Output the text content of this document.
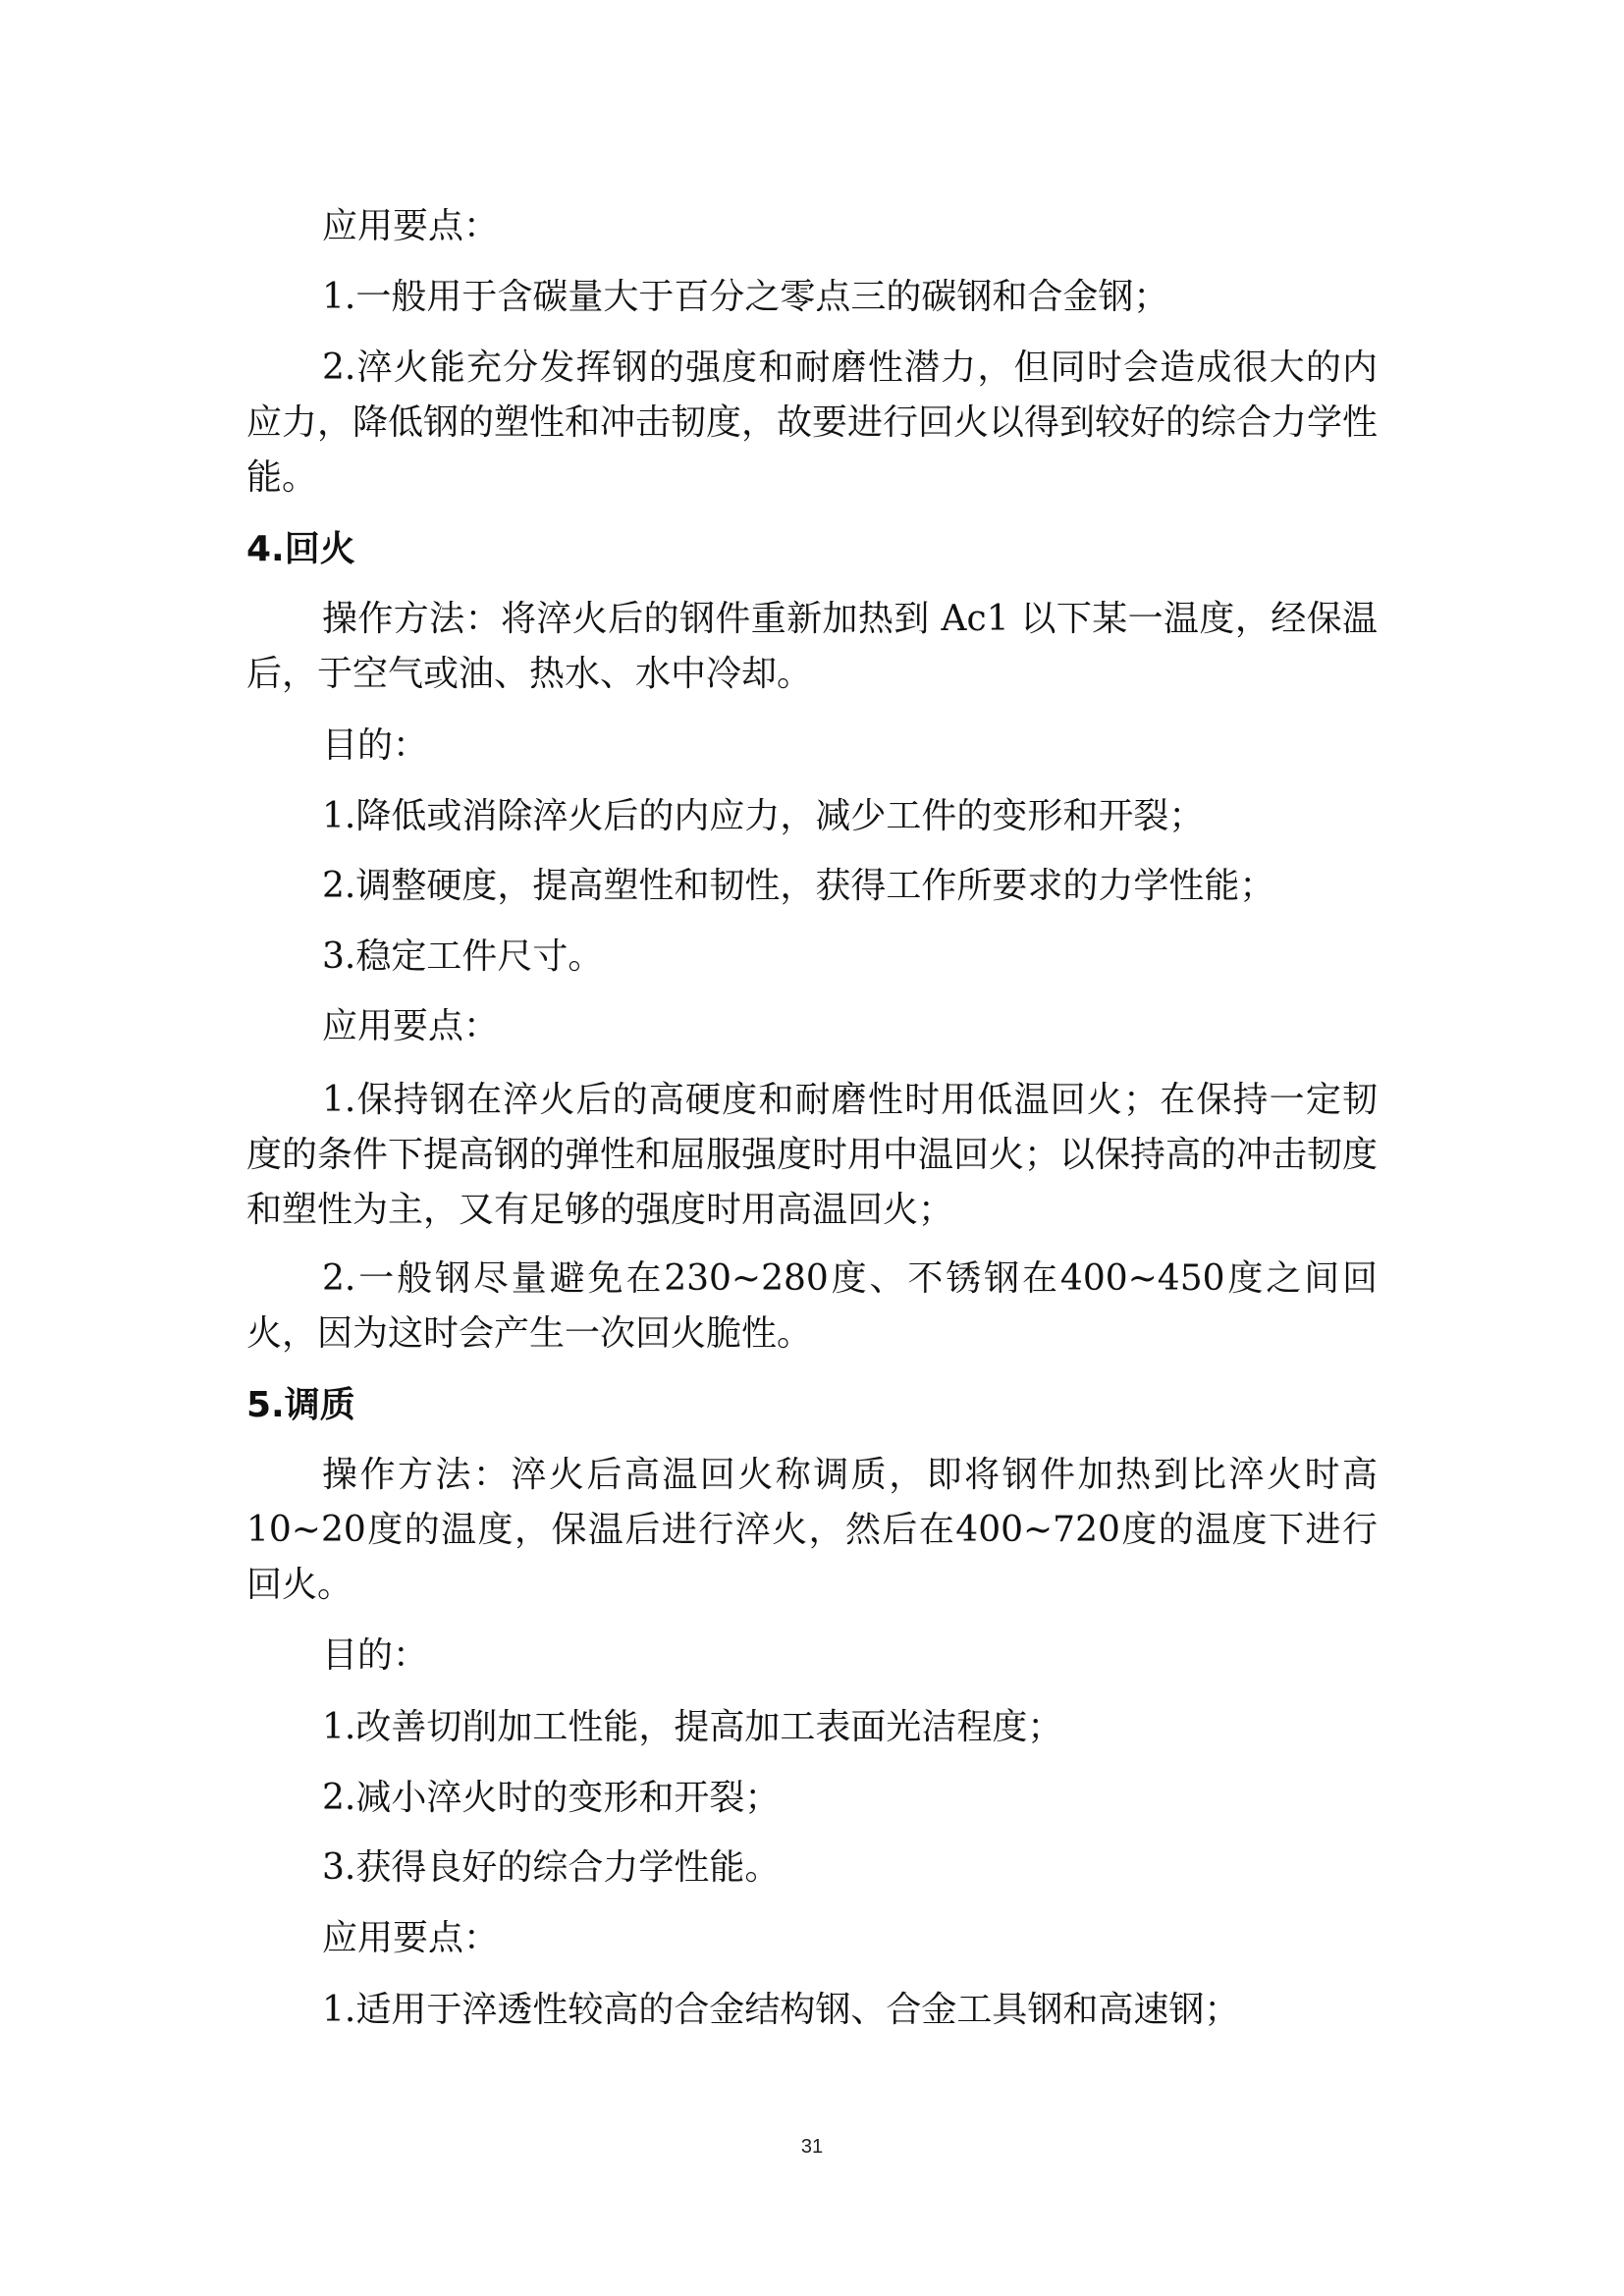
应用要点：

1.一般用于含碳量大于百分之零点三的碳钢和合金钢；

2.淬火能充分发挥钢的强度和耐磨性潜力，但同时会造成很大的内应力，降低钢的塑性和冲击韧度，故要进行回火以得到较好的综合力学性能。

4.回火

操作方法：将淬火后的钢件重新加热到 Ac1 以下某一温度，经保温后，于空气或油、热水、水中冷却。

目的：

1.降低或消除淬火后的内应力，减少工件的变形和开裂；

2.调整硬度，提高塑性和韧性，获得工作所要求的力学性能；

3.稳定工件尺寸。

应用要点：

1.保持钢在淬火后的高硬度和耐磨性时用低温回火；在保持一定韧度的条件下提高钢的弹性和屈服强度时用中温回火；以保持高的冲击韧度和塑性为主，又有足够的强度时用高温回火；

2.一般钢尽量避免在230~280度、不锈钢在400~450度之间回火，因为这时会产生一次回火脆性。

5.调质

操作方法：淬火后高温回火称调质，即将钢件加热到比淬火时高10~20度的温度，保温后进行淬火，然后在400~720度的温度下进行回火。

目的：

1.改善切削加工性能，提高加工表面光洁程度；

2.减小淬火时的变形和开裂；

3.获得良好的综合力学性能。

应用要点：

1.适用于淬透性较高的合金结构钢、合金工具钢和高速钢；

31
